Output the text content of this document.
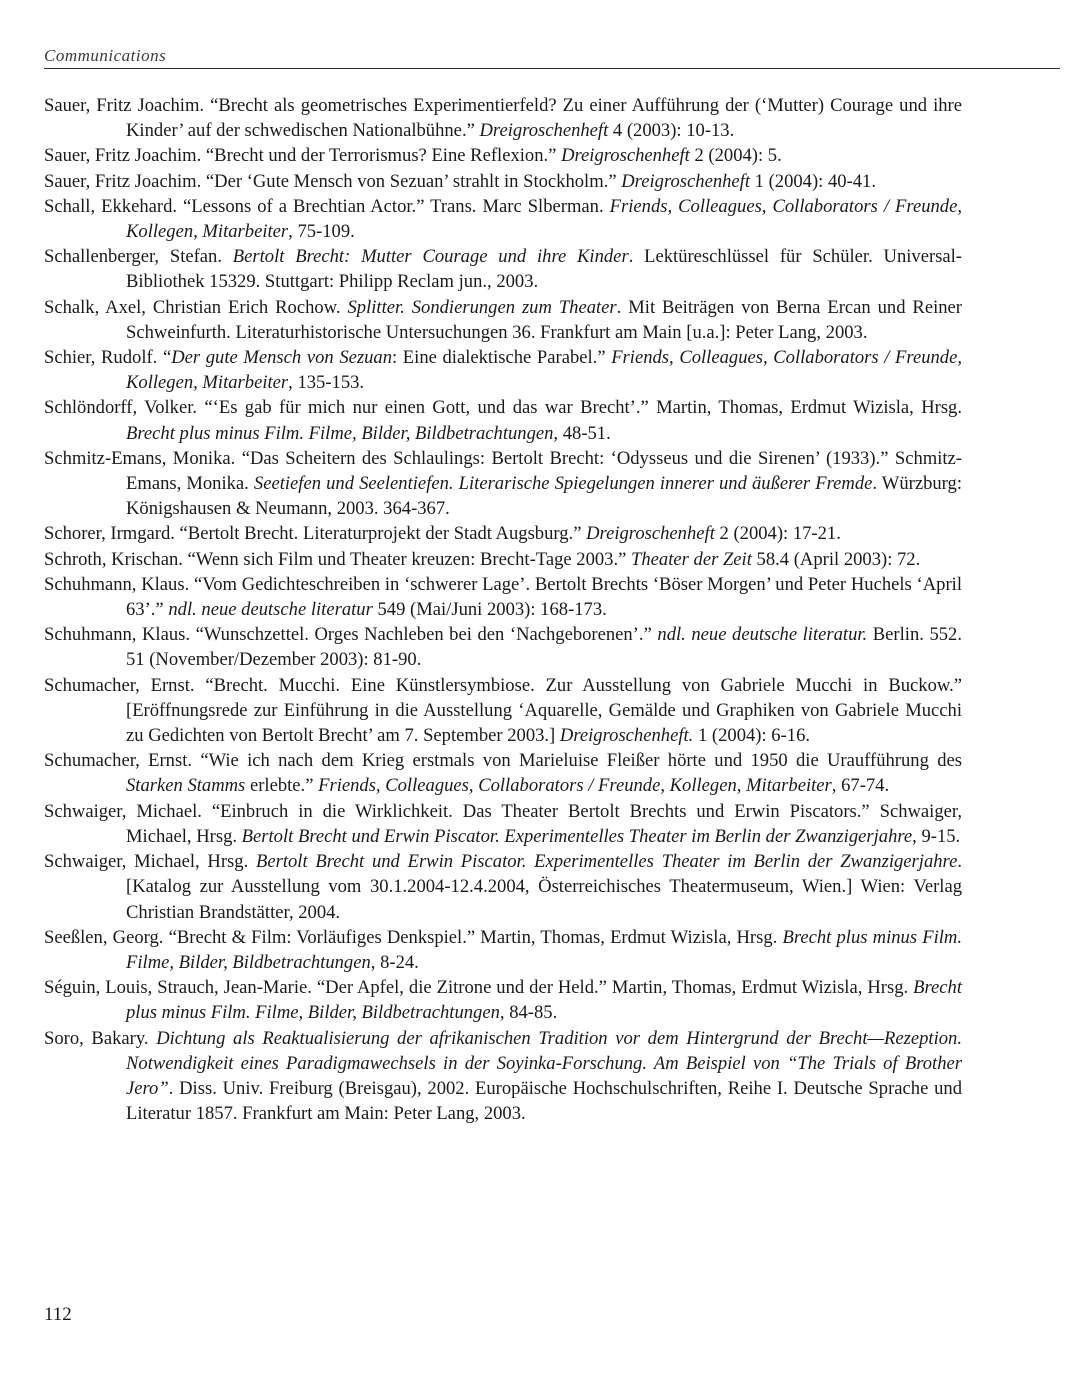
Communications

Sauer, Fritz Joachim. “Brecht als geometrisches Experimentierfeld? Zu einer Aufführung der (‘Mutter) Courage und ihre Kinder’ auf der schwedischen Nationalbühne.” Dreigroschenheft 4 (2003): 10-13.

Sauer, Fritz Joachim. “Brecht und der Terrorismus? Eine Reflexion.” Dreigroschenheft 2 (2004): 5.

Sauer, Fritz Joachim. “Der ‘Gute Mensch von Sezuan’ strahlt in Stockholm.” Dreigroschenheft 1 (2004): 40-41.

Schall, Ekkehard. “Lessons of a Brechtian Actor.” Trans. Marc Slberman. Friends, Colleagues, Collaborators / Freunde, Kollegen, Mitarbeiter, 75-109.

Schallenberger, Stefan. Bertolt Brecht: Mutter Courage und ihre Kinder. Lektüreschlüssel für Schüler. Universal-Bibliothek 15329. Stuttgart: Philipp Reclam jun., 2003.

Schalk, Axel, Christian Erich Rochow. Splitter. Sondierungen zum Theater. Mit Beiträgen von Berna Ercan und Reiner Schweinfurth. Literaturhistorische Untersuchungen 36. Frankfurt am Main [u.a.]: Peter Lang, 2003.

Schier, Rudolf. “Der gute Mensch von Sezuan: Eine dialektische Parabel.” Friends, Colleagues, Collaborators / Freunde, Kollegen, Mitarbeiter, 135-153.

Schlöndorff, Volker. “‘Es gab für mich nur einen Gott, und das war Brecht’.” Martin, Thomas, Erdmut Wizisla, Hrsg. Brecht plus minus Film. Filme, Bilder, Bildbetrachtungen, 48-51.

Schmitz-Emans, Monika. “Das Scheitern des Schlaulings: Bertolt Brecht: ‘Odysseus und die Sirenen’ (1933).” Schmitz-Emans, Monika. Seetiefen und Seelentiefen. Literarische Spiegelungen innerer und äußerer Fremde. Würzburg: Königshausen & Neumann, 2003. 364-367.

Schorer, Irmgard. “Bertolt Brecht. Literaturprojekt der Stadt Augsburg.” Dreigroschenheft 2 (2004): 17-21.

Schroth, Krischan. “Wenn sich Film und Theater kreuzen: Brecht-Tage 2003.” Theater der Zeit 58.4 (April 2003): 72.

Schuhmann, Klaus. “Vom Gedichteschreiben in ‘schwerer Lage’. Bertolt Brechts ‘Böser Morgen’ und Peter Huchels ‘April 63’.” ndl. neue deutsche literatur 549 (Mai/Juni 2003): 168-173.

Schuhmann, Klaus. “Wunschzettel. Orges Nachleben bei den ‘Nachgeborenen’.” ndl. neue deutsche literatur. Berlin. 552. 51 (November/Dezember 2003): 81-90.

Schumacher, Ernst. “Brecht. Mucchi. Eine Künstlersymbiose. Zur Ausstellung von Gabriele Mucchi in Buckow.” [Eröffnungsrede zur Einführung in die Ausstellung ‘Aquarelle, Gemälde und Graphiken von Gabriele Mucchi zu Gedichten von Bertolt Brecht’ am 7. September 2003.] Dreigroschenheft. 1 (2004): 6-16.

Schumacher, Ernst. “Wie ich nach dem Krieg erstmals von Marieluise Fleißer hörte und 1950 die Uraufführung des Starken Stamms erlebte.” Friends, Colleagues, Collaborators / Freunde, Kollegen, Mitarbeiter, 67-74.

Schwaiger, Michael. “Einbruch in die Wirklichkeit. Das Theater Bertolt Brechts und Erwin Piscators.” Schwaiger, Michael, Hrsg. Bertolt Brecht und Erwin Piscator. Experimentelles Theater im Berlin der Zwanzigerjahre, 9-15.

Schwaiger, Michael, Hrsg. Bertolt Brecht und Erwin Piscator. Experimentelles Theater im Berlin der Zwanzigerjahre. [Katalog zur Ausstellung vom 30.1.2004-12.4.2004, Österreichisches Theatermuseum, Wien.] Wien: Verlag Christian Brandstätter, 2004.

Seeßlen, Georg. “Brecht & Film: Vorläufiges Denkspiel.” Martin, Thomas, Erdmut Wizisla, Hrsg. Brecht plus minus Film. Filme, Bilder, Bildbetrachtungen, 8-24.

Séguin, Louis, Strauch, Jean-Marie. “Der Apfel, die Zitrone und der Held.” Martin, Thomas, Erdmut Wizisla, Hrsg. Brecht plus minus Film. Filme, Bilder, Bildbetrachtungen, 84-85.

Soro, Bakary. Dichtung als Reaktualisierung der afrikanischen Tradition vor dem Hintergrund der Brecht—Rezeption. Notwendigkeit eines Paradigmawechsels in der Soyinka-Forschung. Am Beispiel von “The Trials of Brother Jero”. Diss. Univ. Freiburg (Breisgau), 2002. Europäische Hochschulschriften, Reihe I. Deutsche Sprache und Literatur 1857. Frankfurt am Main: Peter Lang, 2003.

112
